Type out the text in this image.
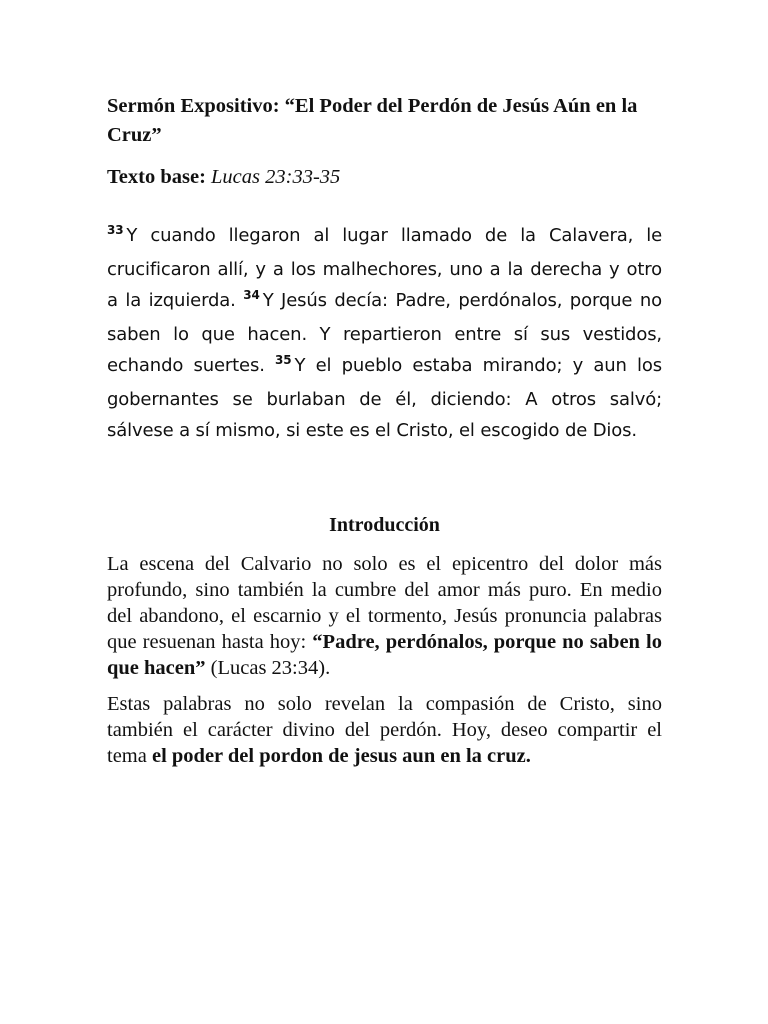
Sermón Expositivo: “El Poder del Perdón de Jesús Aún en la Cruz”

Texto base: Lucas 23:33-35

$^{33}$ Y cuando llegaron al lugar llamado de la Calavera, le crucificaron allí, y a los malhechores, uno a la derecha y otro a la izquierda. $^{34}$ Y Jesús decía: Padre, perdónalos, porque no saben lo que hacen. Y repartieron entre sí sus vestidos, echando suertes. $^{35}$ Y el pueblo estaba mirando; y aun los gobernantes se burlaban de él, diciendo: A otros salvó; sálvese a sí mismo, si este es el Cristo, el escogido de Dios.

Introducción

La escena del Calvario no solo es el epicentro del dolor más profundo, sino también la cumbre del amor más puro. En medio del abandono, el escarnio y el tormento, Jesús pronuncia palabras que resuenan hasta hoy: “Padre, perdónalos, porque no saben lo que hacen” (Lucas 23:34).

Estas palabras no solo revelan la compasión de Cristo, sino también el carácter divino del perdón. Hoy, deseo compartir el tema el poder del pordon de jesus aun en la cruz.
